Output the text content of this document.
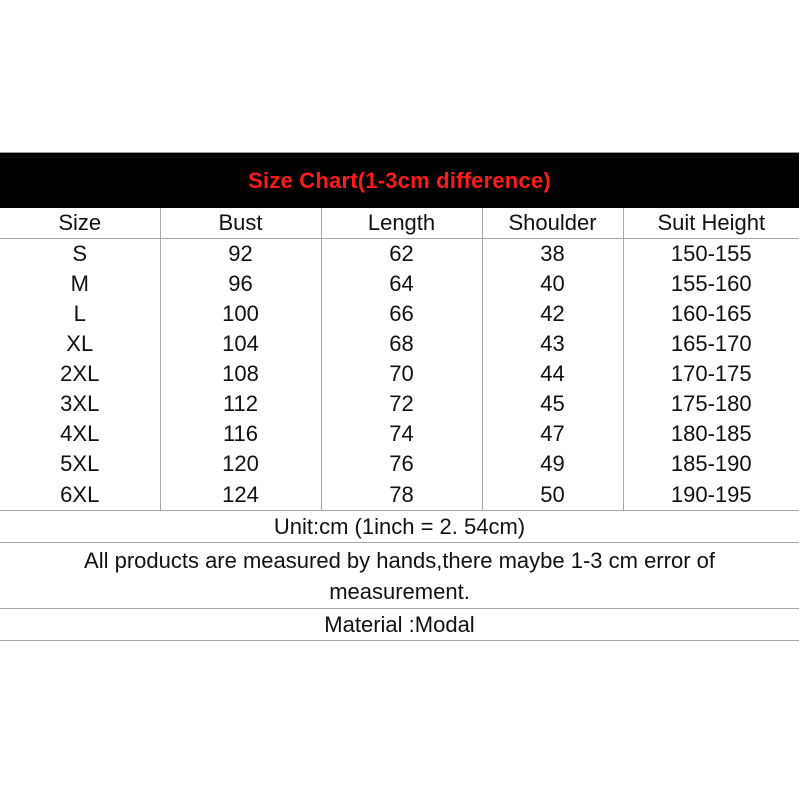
Size Chart(1-3cm difference)
Size	Bust	Length	Shoulder	Suit Height
S	92	62	38	150-155
M	96	64	40	155-160
L	100	66	42	160-165
XL	104	68	43	165-170
2XL	108	70	44	170-175
3XL	112	72	45	175-180
4XL	116	74	47	180-185
5XL	120	76	49	185-190
6XL	124	78	50	190-195
Unit:cm (1inch = 2. 54cm)
All products are measured by hands,there maybe 1-3 cm error of
measurement.
Material :Modal
